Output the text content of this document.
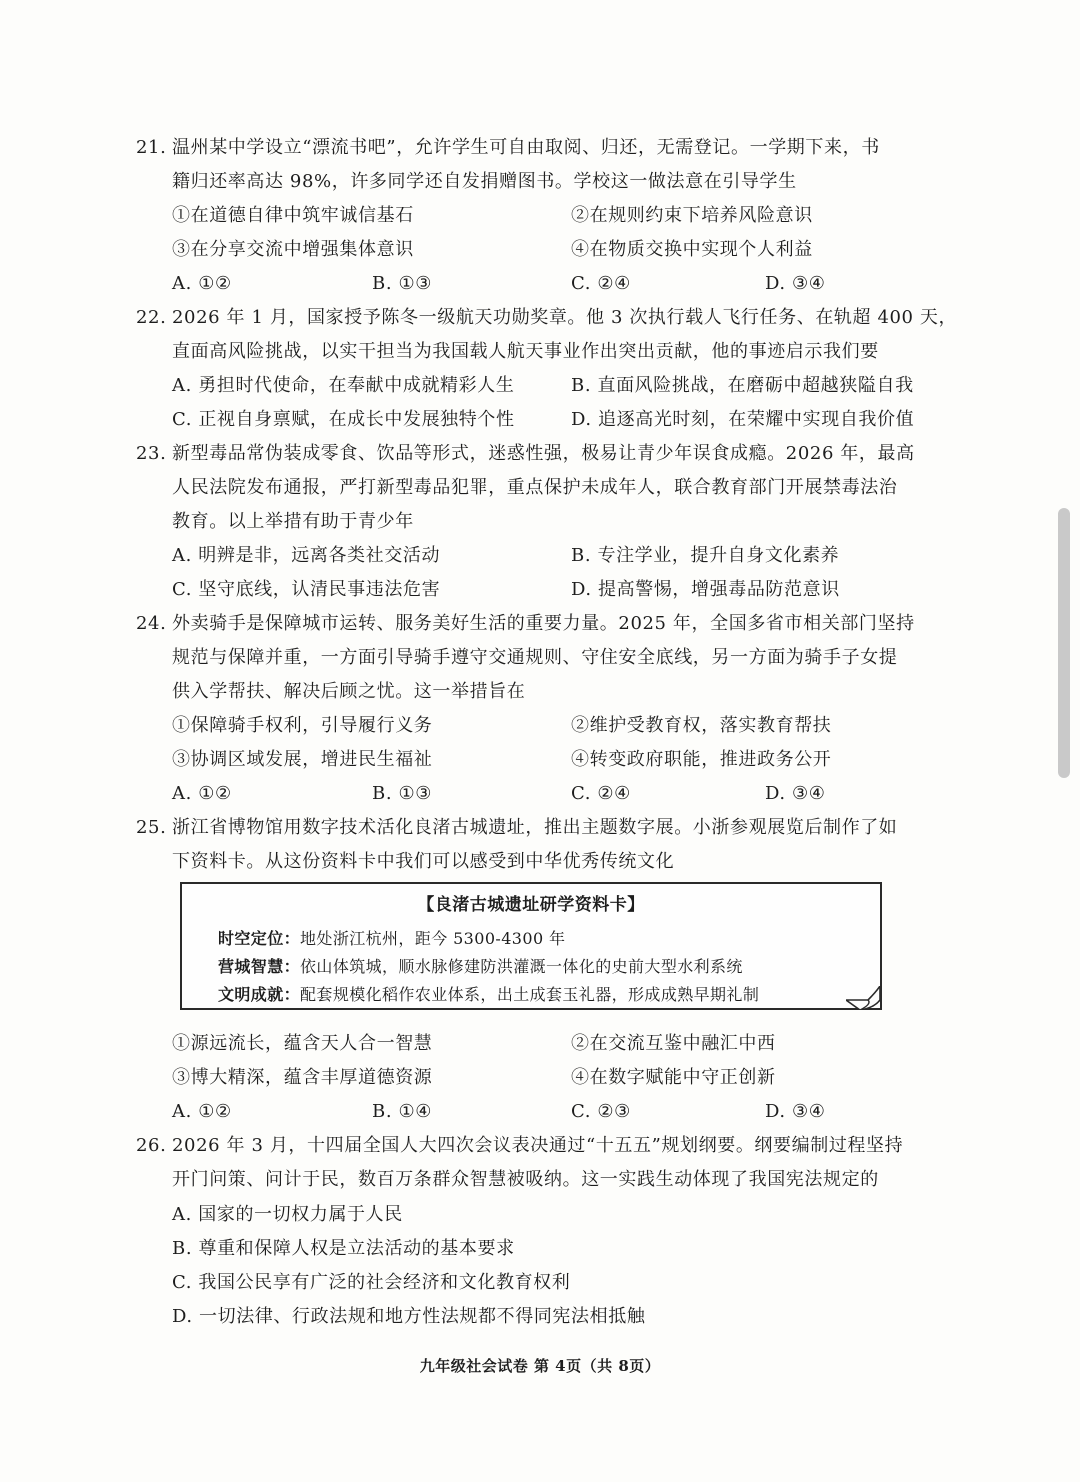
21. 温州某中学设立“漂流书吧”，允许学生可自由取阅、归还，无需登记。一学期下来，书
籍归还率高达 98%，许多同学还自发捐赠图书。学校这一做法意在引导学生
①在道德自律中筑牢诚信基石	②在规则约束下培养风险意识
③在分享交流中增强集体意识	④在物质交换中实现个人利益
A. ①②	B. ①③	C. ②④	D. ③④
22. 2026 年 1 月，国家授予陈冬一级航天功勋奖章。他 3 次执行载人飞行任务、在轨超 400 天，
直面高风险挑战，以实干担当为我国载人航天事业作出突出贡献，他的事迹启示我们要
A. 勇担时代使命，在奉献中成就精彩人生	B. 直面风险挑战，在磨砺中超越狭隘自我
C. 正视自身禀赋，在成长中发展独特个性	D. 追逐高光时刻，在荣耀中实现自我价值
23. 新型毒品常伪装成零食、饮品等形式，迷惑性强，极易让青少年误食成瘾。2026 年，最高
人民法院发布通报，严打新型毒品犯罪，重点保护未成年人，联合教育部门开展禁毒法治
教育。以上举措有助于青少年
A. 明辨是非，远离各类社交活动	B. 专注学业，提升自身文化素养
C. 坚守底线，认清民事违法危害	D. 提高警惕，增强毒品防范意识
24. 外卖骑手是保障城市运转、服务美好生活的重要力量。2025 年，全国多省市相关部门坚持
规范与保障并重，一方面引导骑手遵守交通规则、守住安全底线，另一方面为骑手子女提
供入学帮扶、解决后顾之忧。这一举措旨在
①保障骑手权利，引导履行义务	②维护受教育权，落实教育帮扶
③协调区域发展，增进民生福祉	④转变政府职能，推进政务公开
A. ①②	B. ①③	C. ②④	D. ③④
25. 浙江省博物馆用数字技术活化良渚古城遗址，推出主题数字展。小浙参观展览后制作了如
下资料卡。从这份资料卡中我们可以感受到中华优秀传统文化
【良渚古城遗址研学资料卡】
时空定位：地处浙江杭州，距今 5300-4300 年
营城智慧：依山体筑城，顺水脉修建防洪灌溉一体化的史前大型水利系统
文明成就：配套规模化稻作农业体系，出土成套玉礼器，形成成熟早期礼制
①源远流长，蕴含天人合一智慧	②在交流互鉴中融汇中西
③博大精深，蕴含丰厚道德资源	④在数字赋能中守正创新
A. ①②	B. ①④	C. ②③	D. ③④
26. 2026 年 3 月，十四届全国人大四次会议表决通过“十五五”规划纲要。纲要编制过程坚持
开门问策、问计于民，数百万条群众智慧被吸纳。这一实践生动体现了我国宪法规定的
A. 国家的一切权力属于人民
B. 尊重和保障人权是立法活动的基本要求
C. 我国公民享有广泛的社会经济和文化教育权利
D. 一切法律、行政法规和地方性法规都不得同宪法相抵触
九年级社会试卷 第 4页（共 8页）
